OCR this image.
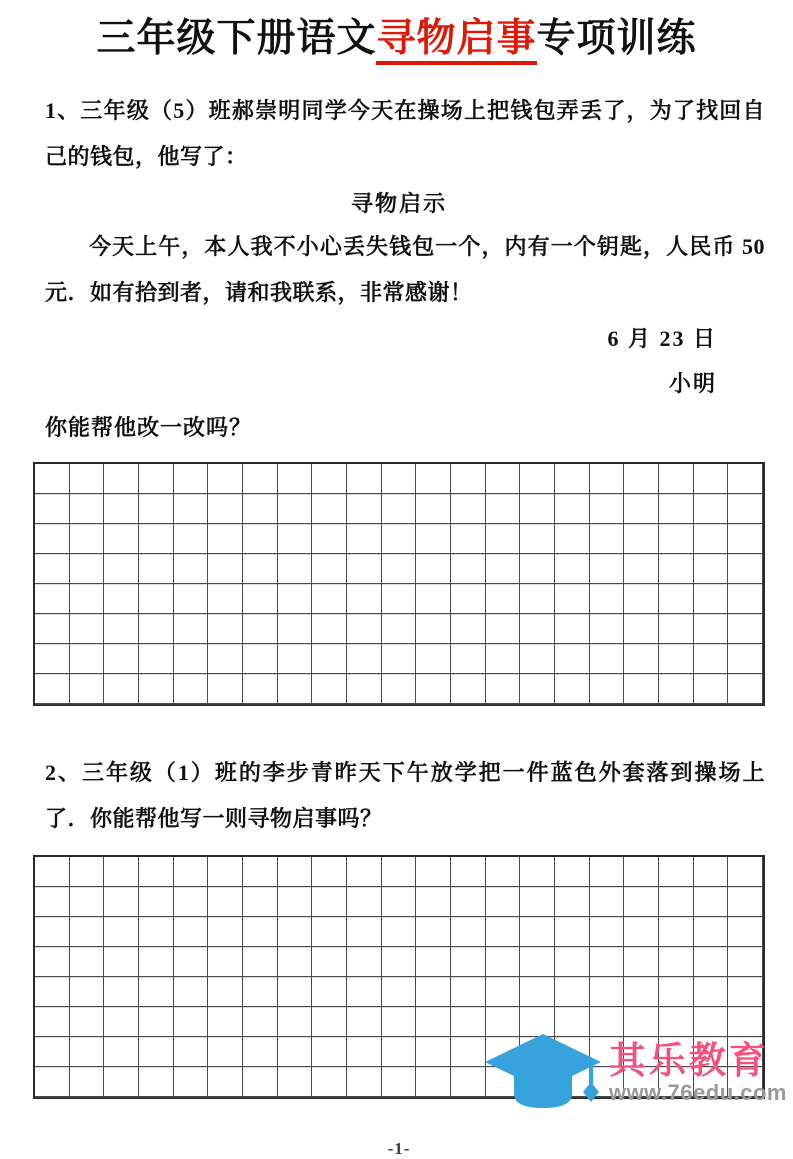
三年级下册语文寻物启事专项训练

1、三年级（5）班郝崇明同学今天在操场上把钱包弄丢了，为了找回自己的钱包，他写了：

寻物启示

今天上午，本人我不小心丢失钱包一个，内有一个钥匙，人民币 50 元．如有拾到者，请和我联系，非常感谢！

6 月 23 日

小明

你能帮他改一改吗？

2、三年级（1）班的李步青昨天下午放学把一件蓝色外套落到操场上了．你能帮他写一则寻物启事吗？

-1-

其乐教育
www.76edu.com
